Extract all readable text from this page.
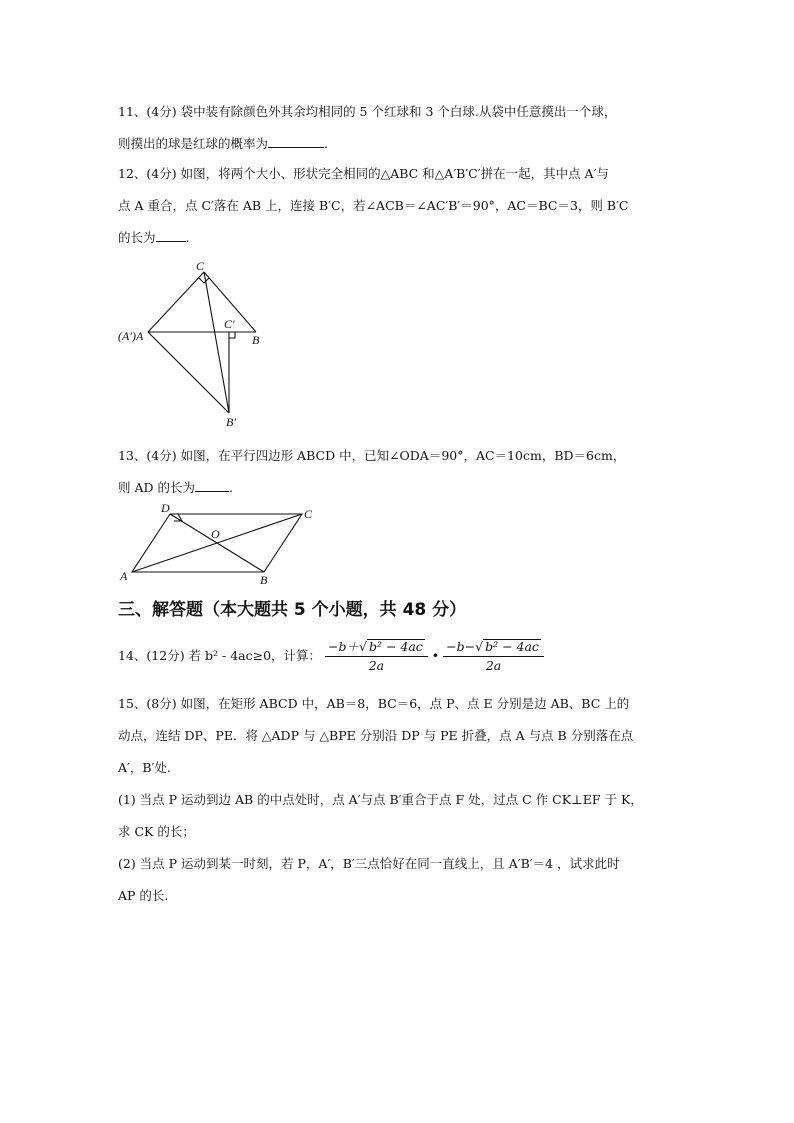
11、(4分) 袋中装有除颜色外其余均相同的 5 个红球和 3 个白球.从袋中任意摸出一个球，
则摸出的球是红球的概率为	.
12、(4分) 如图，将两个大小、形状完全相同的△ABC 和△A′B′C′拼在一起，其中点 A′与
点 A 重合，点 C′落在 AB 上，连接 B′C，若∠ACB＝∠AC′B′＝90°，AC＝BC＝3，则 B′C
的长为 .
C
(A′)A
C′
B
B′
13、(4分) 如图，在平行四边形 ABCD 中，已知∠ODA＝90°，AC＝10cm，BD＝6cm，
则 AD 的长为	.
D	C
O
A	B
三、解答题（本大题共 5 个小题，共 48 分）
14、(12分) 若 b² - 4ac≥0，计算： $\frac{\text{−b＋√ b² − 4ac}}{2a}$ • $\frac{\text{−b−√ b² − 4ac}}{2a}$
15、(8分) 如图，在矩形 ABCD 中，AB＝8，BC＝6，点 P、点 E 分别是边 AB、BC 上的
动点，连结 DP、PE．将 △ADP 与 △BPE 分别沿 DP 与 PE 折叠，点 A 与点 B 分别落在点
A′，B′处.
(1) 当点 P 运动到边 AB 的中点处时，点 A′与点 B′重合于点 F 处，过点 C 作 CK⊥EF 于 K，
求 CK 的长；
(2) 当点 P 运动到某一时刻，若 P，A′，B′三点恰好在同一直线上，且 A′B′＝4 ，试求此时
AP 的长.
